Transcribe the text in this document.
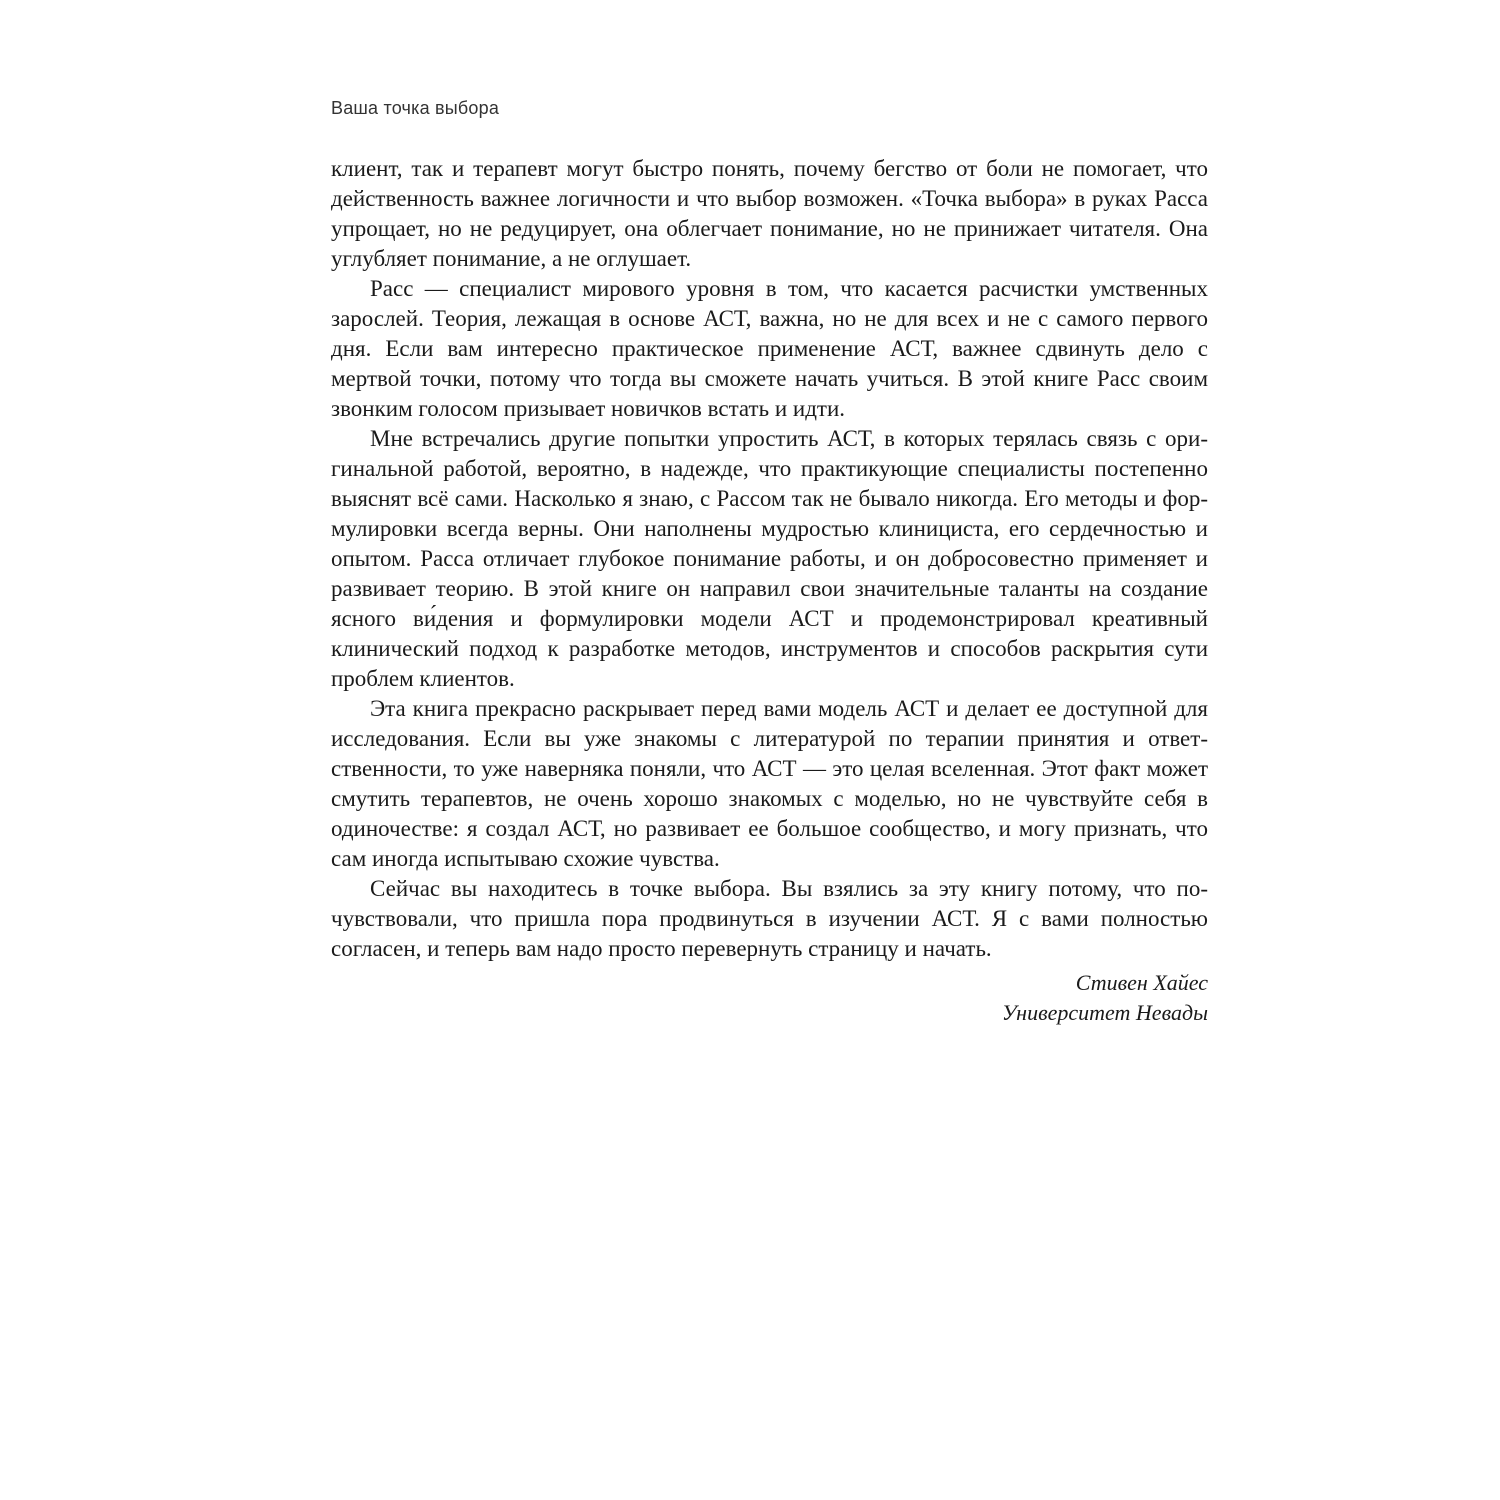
Ваша точка выбора

клиент, так и терапевт могут быстро понять, почему бегство от боли не помогает, что действенность важнее логичности и что выбор возможен. «Точка выбора» в руках Расса упрощает, но не редуцирует, она облегчает понимание, но не принижает читателя. Она углубляет понимание, а не оглушает.

Расс — специалист мирового уровня в том, что касается расчистки умственных зарослей. Теория, лежащая в основе АСТ, важна, но не для всех и не с самого первого дня. Если вам интересно практическое применение АСТ, важнее сдвинуть дело с мертвой точки, потому что тогда вы сможете начать учиться. В этой книге Расс своим звонким голосом призывает новичков встать и идти.

Мне встречались другие попытки упростить АСТ, в которых терялась связь с оригинальной работой, вероятно, в надежде, что практикующие специалисты постепенно выяснят всё сами. Насколько я знаю, с Рассом так не бывало никогда. Его методы и формулировки всегда верны. Они наполнены мудростью клинициста, его сердечностью и опытом. Расса отличает глубокое понимание работы, и он добросовестно применяет и развивает теорию. В этой книге он направил свои значительные таланты на создание ясного ви́дения и формулировки модели АСТ и продемонстрировал креативный клинический подход к разработке методов, инструментов и способов раскрытия сути проблем клиентов.

Эта книга прекрасно раскрывает перед вами модель АСТ и делает ее доступной для исследования. Если вы уже знакомы с литературой по терапии принятия и ответственности, то уже наверняка поняли, что АСТ — это целая вселенная. Этот факт может смутить терапевтов, не очень хорошо знакомых с моделью, но не чувствуйте себя в одиночестве: я создал АСТ, но развивает ее большое сообщество, и могу признать, что сам иногда испытываю схожие чувства.

Сейчас вы находитесь в точке выбора. Вы взялись за эту книгу потому, что почувствовали, что пришла пора продвинуться в изучении АСТ. Я с вами полностью согласен, и теперь вам надо просто перевернуть страницу и начать.

Стивен Хайес
Университет Невады
